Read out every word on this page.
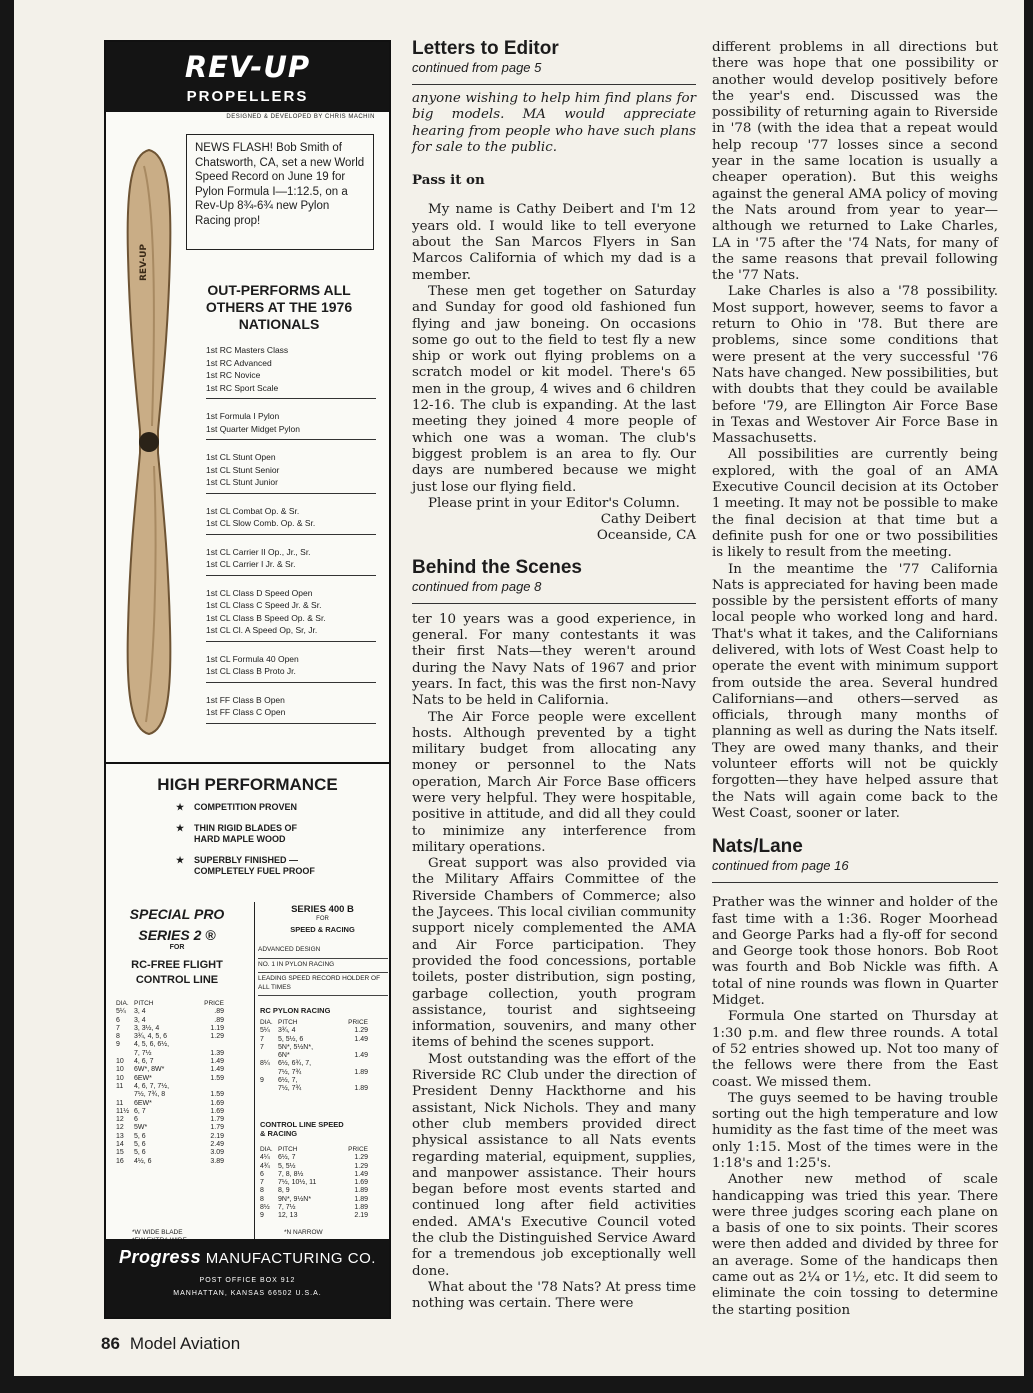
REV-UP
PROPELLERS
DESIGNED & DEVELOPED BY CHRIS MACHIN
REV-UP
NEWS FLASH! Bob Smith of Chatsworth, CA, set a new World Speed Record on June 19 for Pylon Formula I—1:12.5, on a Rev-Up 8¾-6¾ new Pylon Racing prop!
OUT-PERFORMS ALL OTHERS AT THE 1976 NATIONALS
1st RC Masters Class
1st RC Advanced
1st RC Novice
1st RC Sport Scale
1st Formula I Pylon
1st Quarter Midget Pylon
1st CL Stunt Open
1st CL Stunt Senior
1st CL Stunt Junior
1st CL Combat Op. & Sr.
1st CL Slow Comb. Op. & Sr.
1st CL Carrier II Op., Jr., Sr.
1st CL Carrier I Jr. & Sr.
1st CL Class D Speed Open
1st CL Class C Speed Jr. & Sr.
1st CL Class B Speed Op. & Sr.
1st CL Cl. A Speed Op, Sr, Jr.
1st CL Formula 40 Open
1st CL Class B Proto Jr.
1st FF Class B Open
1st FF Class C Open
HIGH PERFORMANCE
★	COMPETITION PROVEN
★	THIN RIGID BLADES OF HARD MAPLE WOOD
★	SUPERBLY FINISHED — COMPLETELY FUEL PROOF
SPECIAL PRO SERIES 2 ®
FOR
RC-FREE FLIGHT CONTROL LINE
DIA. PITCH	PRICE
5¼	3, 4	.89
6	3, 4	.89
7	3, 3½, 4	1.19
8	3¾, 4, 5, 6	1.29
9	4, 5, 6, 6½,
7, 7½	1.39
10	4, 6, 7	1.49
10	6W*, 8W*	1.49
10	6EW*	1.59
11	4, 6, 7, 7½,
7½, 7¾, 8	1.59
11	6EW*	1.69
11½ 6, 7	1.69
12	6	1.79
12	5W*	1.79
13	5, 6	2.19
14	5, 6	2.49
15	5, 6	3.09
16	4½, 6	3.89
*W WIDE BLADE
SERIES 400 B
FOR
SPEED & RACING
ADVANCED DESIGN
NO. 1 IN PYLON RACING
LEADING SPEED RECORD HOLDER OF ALL TIMES
RC PYLON RACING
DIA. PITCH	PRICE
5¼	3¾, 4	1.29
7	5, 5½, 6	1.49
7	5N*, 5½N*,
6N*	1.49
8¼	6½, 6¾, 7,
7½, 7¾	1.89
9	6½, 7,
7½, 7¾	1.89
CONTROL LINE SPEED & RACING
DIA. PITCH	PRICE
4¼	6½, 7	1.29
4¾	5, 5½	1.29
6	7, 8, 8½	1.49
7	7½, 10½, 11	1.69
8	8, 9	1.89
8	9N*, 9½N*	1.89
8½	7, 7½	1.89
9	12, 13	2.19
*N NARROW
Progress MANUFACTURING CO.
POST OFFICE BOX 912
MANHATTAN, KANSAS 66502 U.S.A.
Letters to Editor
continued from page 5

anyone wishing to help him find plans for big models. MA would appreciate hearing from people who have such plans for sale to the public.

Pass it on

My name is Cathy Deibert and I'm 12 years old. I would like to tell everyone about the San Marcos Flyers in San Marcos California of which my dad is a member.

These men get together on Saturday and Sunday for good old fashioned fun flying and jaw boneing. On occasions some go out to the field to test fly a new ship or work out flying problems on a scratch model or kit model. There's 65 men in the group, 4 wives and 6 children 12-16. The club is expanding. At the last meeting they joined 4 more people of which one was a woman. The club's biggest problem is an area to fly. Our days are numbered because we might just lose our flying field.

Please print in your Editor's Column.

Cathy Deibert
Oceanside, CA
Behind the Scenes
continued from page 8

ter 10 years was a good experience, in general. For many contestants it was their first Nats—they weren't around during the Navy Nats of 1967 and prior years. In fact, this was the first non-Navy Nats to be held in California.

The Air Force people were excellent hosts. Although prevented by a tight military budget from allocating any money or personnel to the Nats operation, March Air Force Base officers were very helpful. They were hospitable, positive in attitude, and did all they could to minimize any interference from military operations.

Great support was also provided via the Military Affairs Committee of the Riverside Chambers of Commerce; also the Jaycees. This local civilian community support nicely complemented the AMA and Air Force participation. They provided the food concessions, portable toilets, poster distribution, sign posting, garbage collection, youth program assistance, tourist and sightseeing information, souvenirs, and many other items of behind the scenes support.

Most outstanding was the effort of the Riverside RC Club under the direction of President Denny Hackthorne and his assistant, Nick Nichols. They and many other club members provided direct physical assistance to all Nats events regarding material, equipment, supplies, and manpower assistance. Their hours began before most events started and continued long after field activities ended. AMA's Executive Council voted the club the Distinguished Service Award for a tremendous job exceptionally well done.

What about the '78 Nats? At press time nothing was certain. There were

different problems in all directions but there was hope that one possibility or another would develop positively before the year's end. Discussed was the possibility of returning again to Riverside in '78 (with the idea that a repeat would help recoup '77 losses since a second year in the same location is usually a cheaper operation). But this weighs against the general AMA policy of moving the Nats around from year to year—although we returned to Lake Charles, LA in '75 after the '74 Nats, for many of the same reasons that prevail following the '77 Nats.

Lake Charles is also a '78 possibility. Most support, however, seems to favor a return to Ohio in '78. But there are problems, since some conditions that were present at the very successful '76 Nats have changed. New possibilities, but with doubts that they could be available before '79, are Ellington Air Force Base in Texas and Westover Air Force Base in Massachusetts.

All possibilities are currently being explored, with the goal of an AMA Executive Council decision at its October 1 meeting. It may not be possible to make the final decision at that time but a definite push for one or two possibilities is likely to result from the meeting.

In the meantime the '77 California Nats is appreciated for having been made possible by the persistent efforts of many local people who worked long and hard. That's what it takes, and the Californians delivered, with lots of West Coast help to operate the event with minimum support from outside the area. Several hundred Californians—and others—served as officials, through many months of planning as well as during the Nats itself. They are owed many thanks, and their volunteer efforts will not be quickly forgotten—they have helped assure that the Nats will again come back to the West Coast, sooner or later.

Nats/Lane
continued from page 16

Prather was the winner and holder of the fast time with a 1:36. Roger Moorhead and George Parks had a fly-off for second and George took those honors. Bob Root was fourth and Bob Nickle was fifth. A total of nine rounds was flown in Quarter Midget.

Formula One started on Thursday at 1:30 p.m. and flew three rounds. A total of 52 entries showed up. Not too many of the fellows were there from the East coast. We missed them.

The guys seemed to be having trouble sorting out the high temperature and low humidity as the fast time of the meet was only 1:15. Most of the times were in the 1:18's and 1:25's.

Another new method of scale handicapping was tried this year. There were three judges scoring each plane on a basis of one to six points. Their scores were then added and divided by three for an average. Some of the handicaps then came out as 2¼ or 1½, etc. It did seem to eliminate the coin tossing to determine the starting position

86 Model Aviation
